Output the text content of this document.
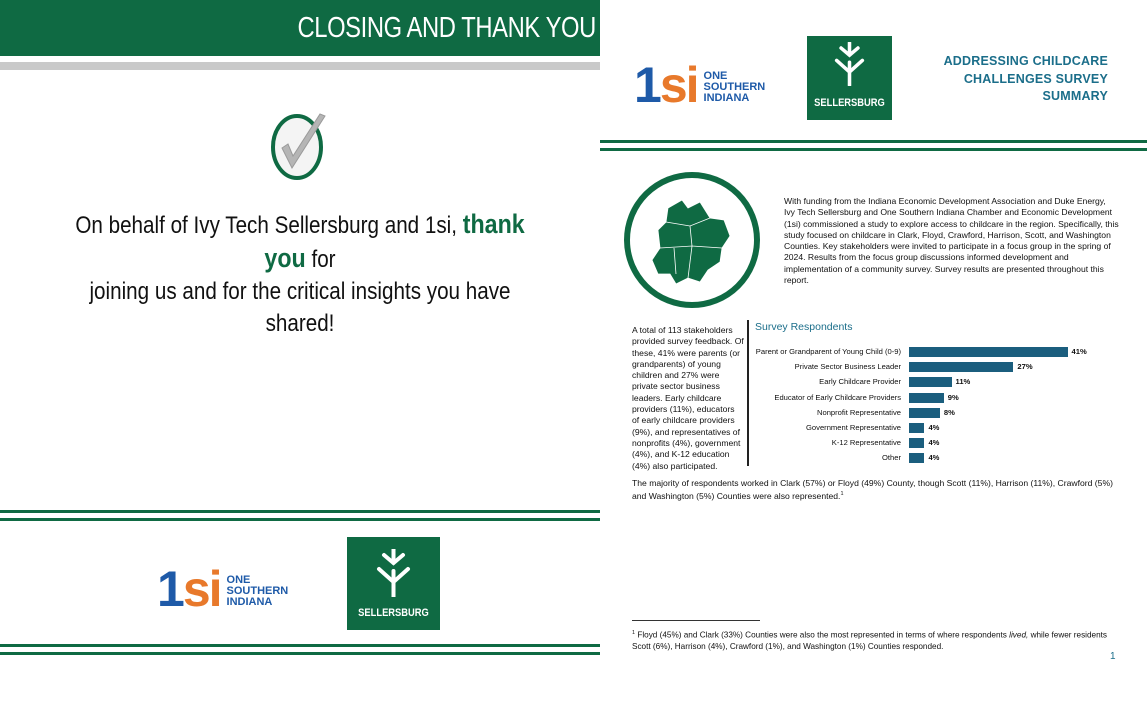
CLOSING AND THANK YOU
On behalf of Ivy Tech Sellersburg and 1si, thank you for
joining us and for the critical insights you have shared!
1si ONE
SOUTHERN
INDIANA
SELLERSBURG
1si ONE
SOUTHERN
INDIANA	SELLERSBURG
ADDRESSING CHILDCARE
CHALLENGES SURVEY
SUMMARY
With funding from the Indiana Economic Development Association and Duke Energy, Ivy Tech Sellersburg and One Southern Indiana Chamber and Economic Development (1si) commissioned a study to explore access to childcare in the region. Specifically, this study focused on childcare in Clark, Floyd, Crawford, Harrison, Scott, and Washington Counties. Key stakeholders were invited to participate in a focus group in the spring of 2024. Results from the focus group discussions informed development and implementation of a community survey. Survey results are presented throughout this report.
A total of 113 stakeholders provided survey feedback. Of these, 41% were parents (or grandparents) of young children and 27% were private sector business leaders. Early childcare providers (11%), educators of early childcare providers (9%), and representatives of nonprofits (4%), government (4%), and K-12 education (4%) also participated.
Survey Respondents
Parent or Grandparent of Young Child (0-9)	41%
Private Sector Business Leader	27%
Early Childcare Provider	11%
Educator of Early Childcare Providers	9%
Nonprofit Representative	8%
Government Representative	4%
K-12 Representative	4%
Other	4%
The majority of respondents worked in Clark (57%) or Floyd (49%) County, though Scott (11%), Harrison (11%), Crawford (5%) and Washington (5%) Counties were also represented.$^1$
$^1$ Floyd (45%) and Clark (33%) Counties were also the most represented in terms of where respondents lived, while fewer residents Scott (6%), Harrison (4%), Crawford (1%), and Washington (1%) Counties responded.
1
